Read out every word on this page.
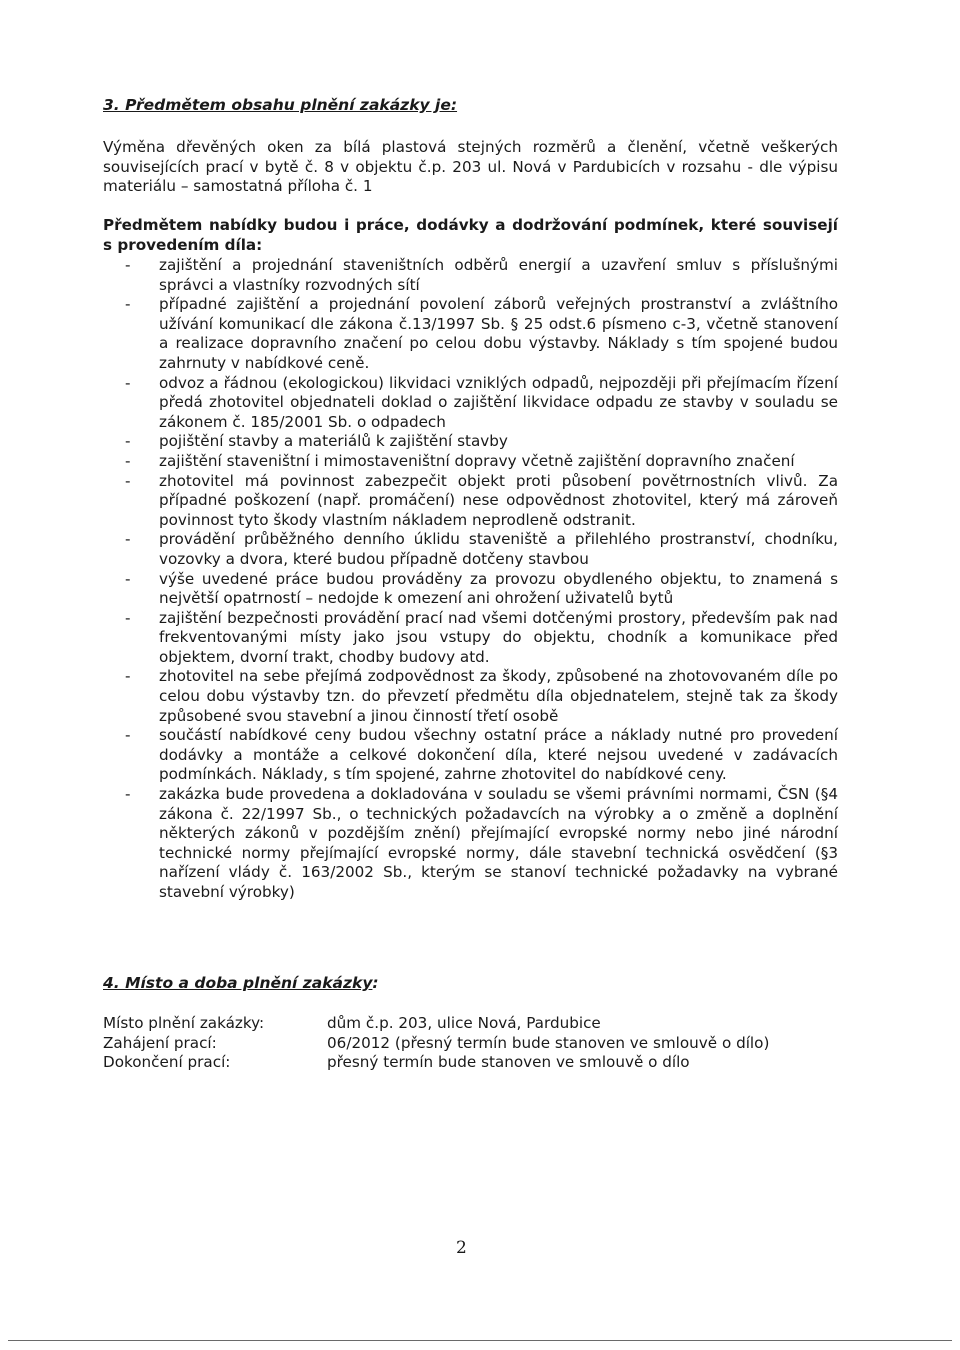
3. Předmětem obsahu plnění zakázky je:
Výměna dřevěných oken za bílá plastová stejných rozměrů a členění, včetně veškerých souvisejících prací v bytě č. 8 v objektu č.p. 203 ul. Nová v Pardubicích v rozsahu - dle výpisu materiálu – samostatná příloha č. 1
Předmětem nabídky budou i práce, dodávky a dodržování podmínek, které souvisejí s provedením díla:
- zajištění a projednání staveništních odběrů energií a uzavření smluv s příslušnými správci a vlastníky rozvodných sítí
- případné zajištění a projednání povolení záborů veřejných prostranství a zvláštního užívání komunikací dle zákona č.13/1997 Sb. § 25 odst.6 písmeno c-3, včetně stanovení a realizace dopravního značení po celou dobu výstavby. Náklady s tím spojené budou zahrnuty v nabídkové ceně.
- odvoz a řádnou (ekologickou) likvidaci vzniklých odpadů, nejpozději při přejímacím řízení předá zhotovitel objednateli doklad o zajištění likvidace odpadu ze stavby v souladu se zákonem č. 185/2001 Sb. o odpadech
- pojištění stavby a materiálů k zajištění stavby
- zajištění staveništní i mimostaveništní dopravy včetně zajištění dopravního značení
- zhotovitel má povinnost zabezpečit objekt proti působení povětrnostních vlivů. Za případné poškození (např. promáčení) nese odpovědnost zhotovitel, který má zároveň povinnost tyto škody vlastním nákladem neprodleně odstranit.
- provádění průběžného denního úklidu staveniště a přilehlého prostranství, chodníku, vozovky a dvora, které budou případně dotčeny stavbou
- výše uvedené práce budou prováděny za provozu obydleného objektu, to znamená s největší opatrností – nedojde k omezení ani ohrožení uživatelů bytů
- zajištění bezpečnosti provádění prací nad všemi dotčenými prostory, především pak nad frekventovanými místy jako jsou vstupy do objektu, chodník a komunikace před objektem, dvorní trakt, chodby budovy atd.
- zhotovitel na sebe přejímá zodpovědnost za škody, způsobené na zhotovovaném díle po celou dobu výstavby tzn. do převzetí předmětu díla objednatelem, stejně tak za škody způsobené svou stavební a jinou činností třetí osobě
- součástí nabídkové ceny budou všechny ostatní práce a náklady nutné pro provedení dodávky a montáže a celkové dokončení díla, které nejsou uvedené v zadávacích podmínkách. Náklady, s tím spojené, zahrne zhotovitel do nabídkové ceny.
- zakázka bude provedena a dokladována v souladu se všemi právními normami, ČSN (§4 zákona č. 22/1997 Sb., o technických požadavcích na výrobky a o změně a doplnění některých zákonů v pozdějším znění) přejímající evropské normy nebo jiné národní technické normy přejímající evropské normy, dále stavební technická osvědčení (§3 nařízení vlády č. 163/2002 Sb., kterým se stanoví technické požadavky na vybrané stavební výrobky)
4. Místo a doba plnění zakázky:
Místo plnění zakázky:	dům č.p. 203, ulice Nová, Pardubice
Zahájení prací:	06/2012 (přesný termín bude stanoven ve smlouvě o dílo)
Dokončení prací:	přesný termín bude stanoven ve smlouvě o dílo
2
